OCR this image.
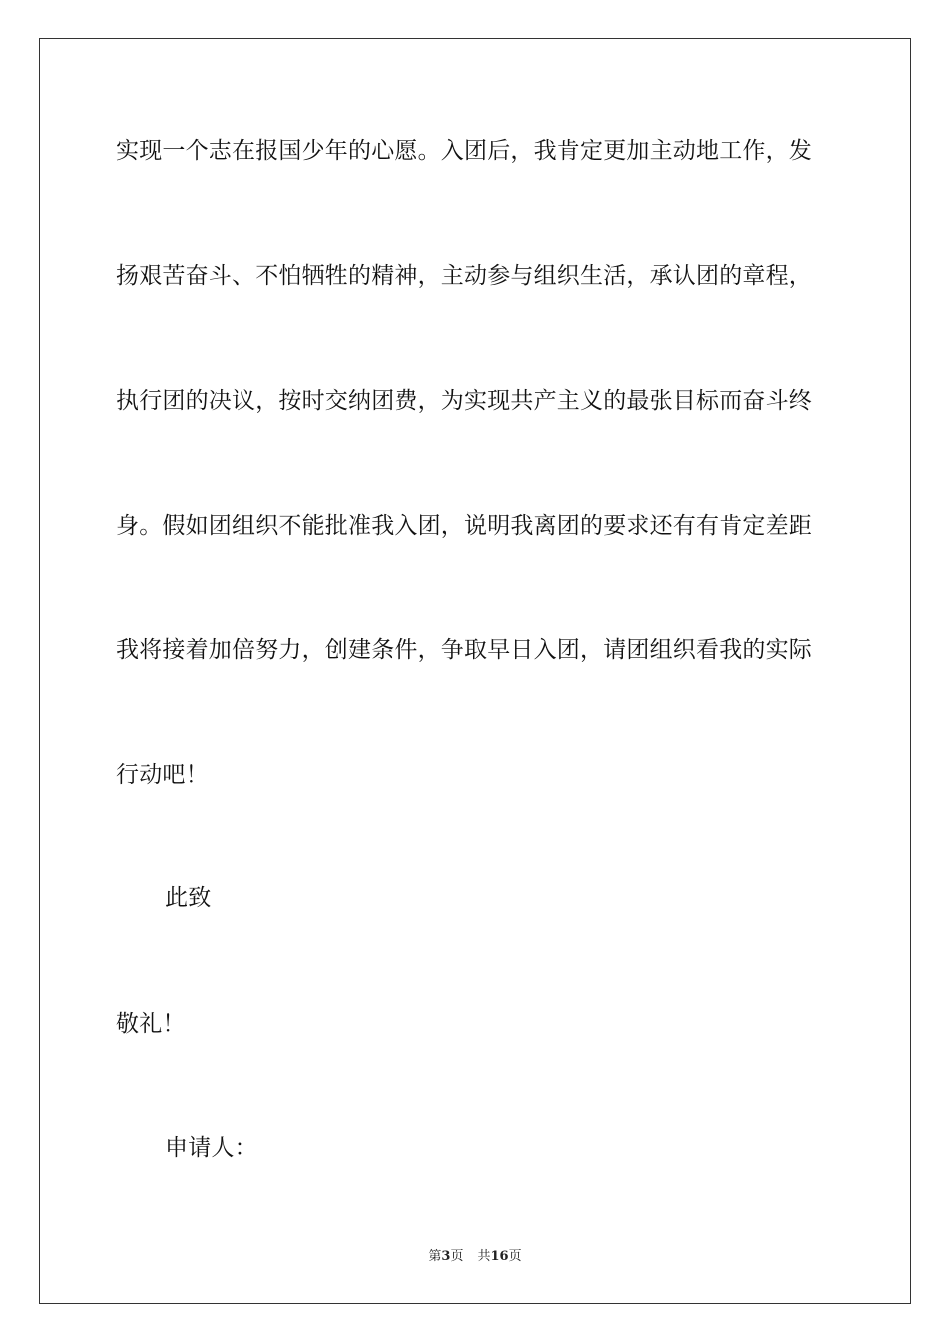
实现一个志在报国少年的心愿。入团后，我肯定更加主动地工作，发
扬艰苦奋斗、不怕牺牲的精神，主动参与组织生活，承认团的章程，
执行团的决议，按时交纳团费，为实现共产主义的最张目标而奋斗终
身。假如团组织不能批准我入团，说明我离团的要求还有有肯定差距
我将接着加倍努力，创建条件，争取早日入团，请团组织看我的实际
行动吧！
此致
敬礼！
申请人：
第3页 共16页
